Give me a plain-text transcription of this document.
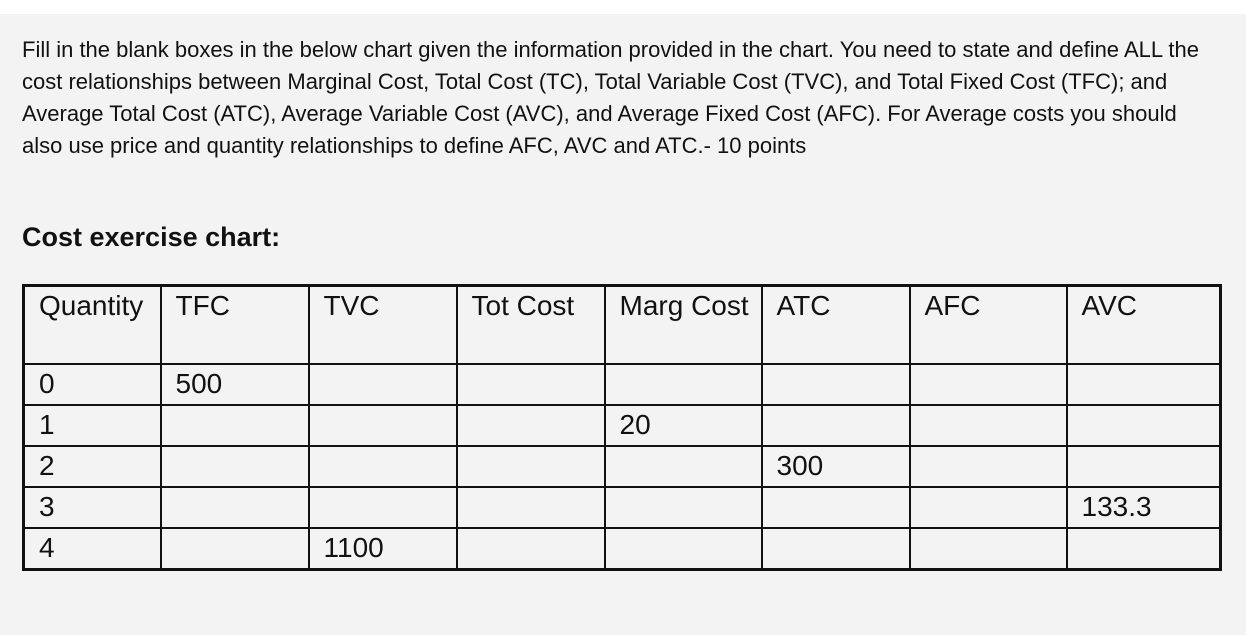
Fill in the blank boxes in the below chart given the information provided in the chart. You need to state and define ALL the cost relationships between Marginal Cost, Total Cost (TC), Total Variable Cost (TVC), and Total Fixed Cost (TFC); and Average Total Cost (ATC), Average Variable Cost (AVC), and Average Fixed Cost (AFC). For Average costs you should also use price and quantity relationships to define AFC, AVC and ATC.- 10 points

Cost exercise chart:
Quantity	TFC	TVC	Tot Cost	Marg Cost	ATC	AFC	AVC
0	500						
1				20			
2					300		
3							133.3
4		1100					
